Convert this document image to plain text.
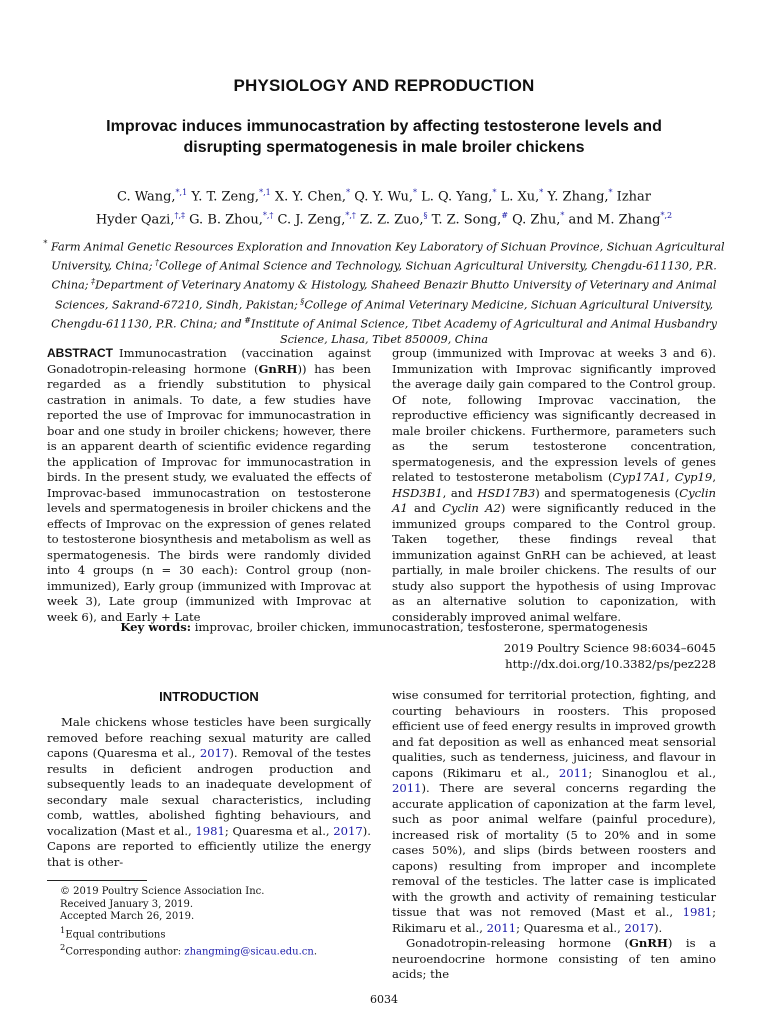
PHYSIOLOGY AND REPRODUCTION
Improvac induces immunocastration by affecting testosterone levels and
disrupting spermatogenesis in male broiler chickens
C. Wang,$^{*,1}$ Y. T. Zeng,$^{*,1}$ X. Y. Chen,* Q. Y. Wu,* L. Q. Yang,* L. Xu,* Y. Zhang,* Izhar
Hyder Qazi,†,‡ G. B. Zhou,*,† C. J. Zeng,*,† Z. Z. Zuo,§ T. Z. Song,# Q. Zhu,* and M. Zhang$^{*,2}$
* Farm Animal Genetic Resources Exploration and Innovation Key Laboratory of Sichuan Province, Sichuan Agricultural University, China; †College of Animal Science and Technology, Sichuan Agricultural University, Chengdu-611130, P.R. China; ‡Department of Veterinary Anatomy & Histology, Shaheed Benazir Bhutto University of Veterinary and Animal Sciences, Sakrand-67210, Sindh, Pakistan; §College of Animal Veterinary Medicine, Sichuan Agricultural University, Chengdu-611130, P.R. China; and #Institute of Animal Science, Tibet Academy of Agricultural and Animal Husbandry Science, Lhasa, Tibet 850009, China

ABSTRACT Immunocastration (vaccination against Gonadotropin-releasing hormone (GnRH)) has been regarded as a friendly substitution to physical castration in animals. To date, a few studies have reported the use of Improvac for immunocastration in boar and one study in broiler chickens; however, there is an apparent dearth of scientific evidence regarding the application of Improvac for immunocastration in birds. In the present study, we evaluated the effects of Improvac-based immunocastration on testosterone levels and spermatogenesis in broiler chickens and the effects of Improvac on the expression of genes related to testosterone biosynthesis and metabolism as well as spermatogenesis. The birds were randomly divided into 4 groups (n = 30 each): Control group (non-immunized), Early group (immunized with Improvac at week 3), Late group (immunized with Improvac at week 6), and Early + Late

group (immunized with Improvac at weeks 3 and 6). Immunization with Improvac significantly improved the average daily gain compared to the Control group. Of note, following Improvac vaccination, the reproductive efficiency was significantly decreased in male broiler chickens. Furthermore, parameters such as the serum testosterone concentration, spermatogenesis, and the expression levels of genes related to testosterone metabolism (Cyp17A1, Cyp19, HSD3B1, and HSD17B3) and spermatogenesis (Cyclin A1 and Cyclin A2) were significantly reduced in the immunized groups compared to the Control group. Taken together, these findings reveal that immunization against GnRH can be achieved, at least partially, in male broiler chickens. The results of our study also support the hypothesis of using Improvac as an alternative solution to caponization, with considerably improved animal welfare.

Key words: improvac, broiler chicken, immunocastration, testosterone, spermatogenesis
2019 Poultry Science 98:6034–6045
http://dx.doi.org/10.3382/ps/pez228
INTRODUCTION

Male chickens whose testicles have been surgically removed before reaching sexual maturity are called capons (Quaresma et al., 2017). Removal of the testes results in deficient androgen production and subsequently leads to an inadequate development of secondary male sexual characteristics, including comb, wattles, abolished fighting behaviours, and vocalization (Mast et al., 1981; Quaresma et al., 2017). Capons are reported to efficiently utilize the energy that is other-

wise consumed for territorial protection, fighting, and courting behaviours in roosters. This proposed efficient use of feed energy results in improved growth and fat deposition as well as enhanced meat sensorial qualities, such as tenderness, juiciness, and flavour in capons (Rikimaru et al., 2011; Sinanoglou et al., 2011). There are several concerns regarding the accurate application of caponization at the farm level, such as poor animal welfare (painful procedure), increased risk of mortality (5 to 20% and in some cases 50%), and slips (birds between roosters and capons) resulting from improper and incomplete removal of the testicles. The latter case is implicated with the growth and activity of remaining testicular tissue that was not removed (Mast et al., 1981; Rikimaru et al., 2011; Quaresma et al., 2017).

Gonadotropin-releasing hormone (GnRH) is a neuroendocrine hormone consisting of ten amino acids; the

© 2019 Poultry Science Association Inc.
Received January 3, 2019.
Accepted March 26, 2019.
$^1$Equal contributions
$^2$Corresponding author: zhangming@sicau.edu.cn.
6034
